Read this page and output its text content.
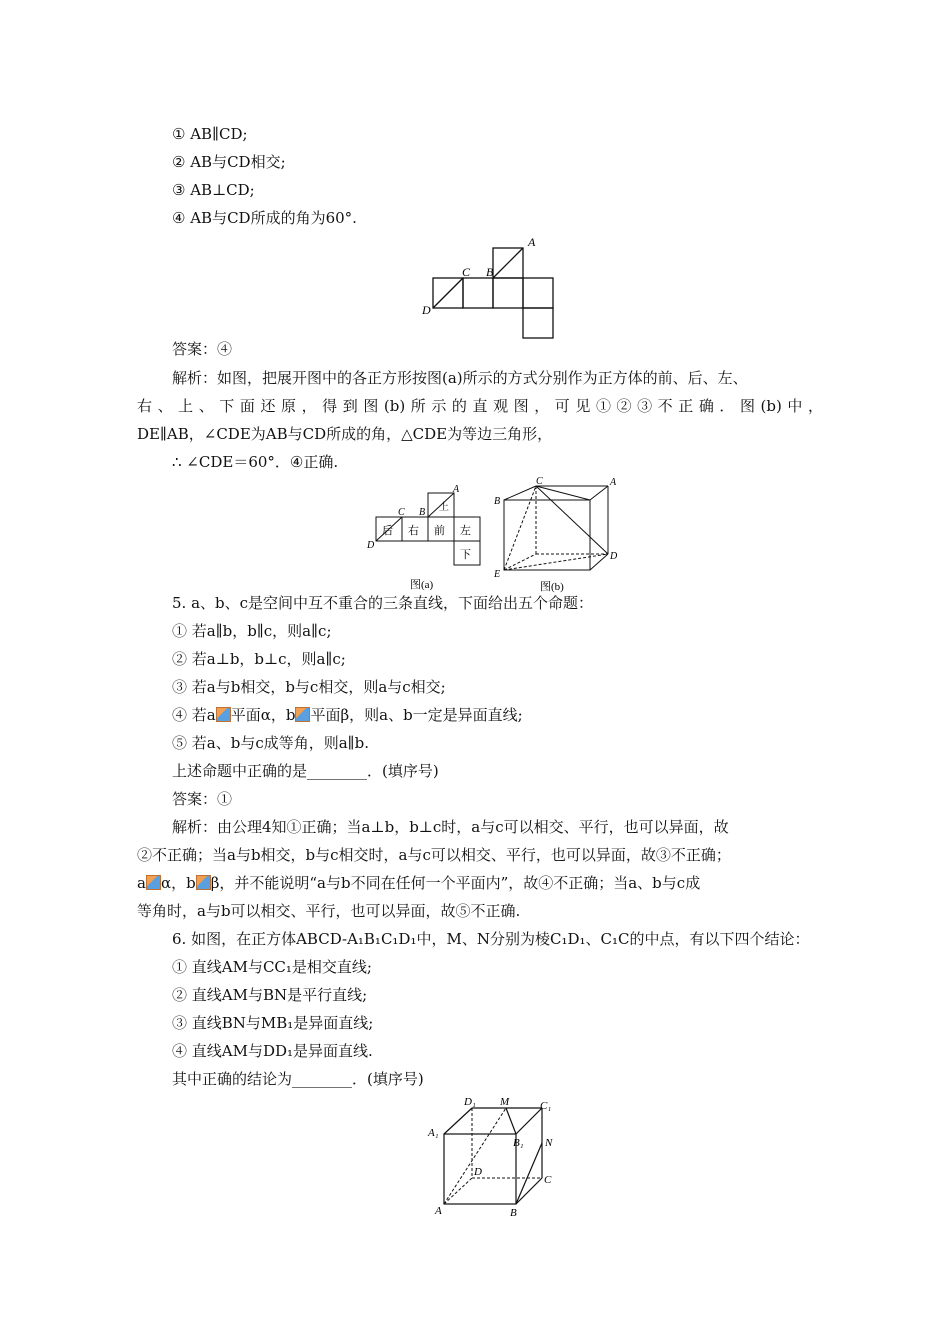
① AB∥CD;
② AB与CD相交;
③ AB⊥CD;
④ AB与CD所成的角为60°.
D
C B
A
答案：④
解析：如图，把展开图中的各正方形按图(a)所示的方式分别作为正方体的前、后、左、
右、上、下面还原，得到图(b)所示的直观图，可见①②③不正确．图(b)中，
DE∥AB，∠CDE为AB与CD所成的角，△CDE为等边三角形，
∴ ∠CDE＝60°．④正确.
后 右 前 左
上
下
D
C B
A
图(a)
C
B
A
D
E
图(b)
5. a、b、c是空间中互不重合的三条直线，下面给出五个命题：
① 若a∥b，b∥c，则a∥c;
② 若a⊥b，b⊥c，则a∥c;
③ 若a与b相交，b与c相交，则a与c相交;
④ 若a 平面α，b 平面β，则a、b一定是异面直线;
⑤ 若a、b与c成等角，则a∥b.
上述命题中正确的是________．(填序号)
答案：①
解析：由公理4知①正确；当a⊥b，b⊥c时，a与c可以相交、平行，也可以异面，故
②不正确；当a与b相交，b与c相交时，a与c可以相交、平行，也可以异面，故③不正确；
a α，b β，并不能说明“a与b不同在任何一个平面内”，故④不正确；当a、b与c成
等角时，a与b可以相交、平行，也可以异面，故⑤不正确.
6. 如图，在正方体ABCD-A₁B₁C₁D₁中，M、N分别为棱C₁D₁、C₁C的中点，有以下四个结论：
① 直线AM与CC₁是相交直线;
② 直线AM与BN是平行直线;
③ 直线BN与MB₁是异面直线;
④ 直线AM与DD₁是异面直线.
其中正确的结论为________．(填序号)
D₁ M	C₁
A₁
B₁ N
D
C
A	B
